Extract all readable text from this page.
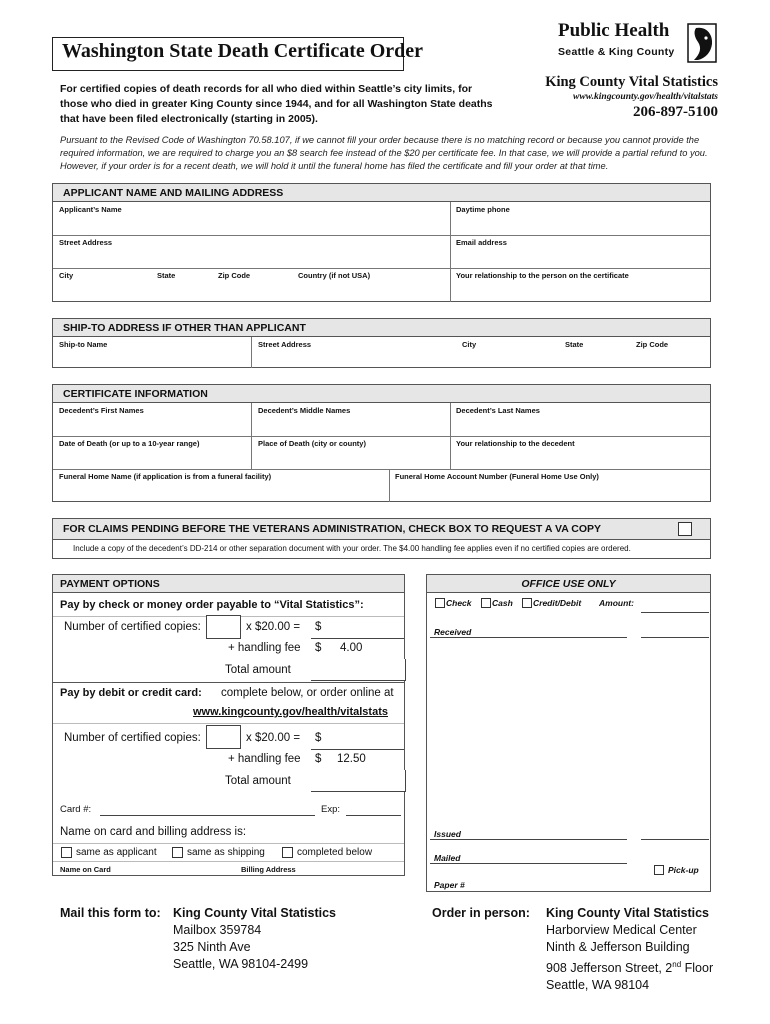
Washington State Death Certificate Order
For certified copies of death records for all who died within Seattle’s city limits, for
those who died in greater King County since 1944, and for all Washington State deaths
that have been filed electronically (starting in 2005).
Pursuant to the Revised Code of Washington 70.58.107, if we cannot fill your order because there is no matching record or because you cannot provide the
required information, we are required to charge you an $8 search fee instead of the $20 per certificate fee. In that case, we will provide a partial refund to you.
However, if your order is for a recent death, we will hold it until the funeral home has filed the certificate and fill your order at that time.
Public Health
Seattle & King County
King County Vital Statistics
www.kingcounty.gov/health/vitalstats
206-897-5100
APPLICANT NAME AND MAILING ADDRESS
Applicant’s Name	Daytime phone
Street Address	Email address
City	State	Zip Code	Country (if not USA)	Your relationship to the person on the certificate
SHIP-TO ADDRESS IF OTHER THAN APPLICANT
Ship-to Name	Street Address	City	State	Zip Code
CERTIFICATE INFORMATION
Decedent’s First Names	Decedent’s Middle Names	Decedent’s Last Names
Date of Death (or up to a 10-year range)	Place of Death (city or county)	Your relationship to the decedent
Funeral Home Name (if application is from a funeral facility)	Funeral Home Account Number (Funeral Home Use Only)
FOR CLAIMS PENDING BEFORE THE VETERANS ADMINISTRATION, CHECK BOX TO REQUEST A VA COPY
Include a copy of the decedent’s DD-214 or other separation document with your order. The $4.00 handling fee applies even if no certified copies are ordered.
PAYMENT OPTIONS
Pay by check or money order payable to “Vital Statistics”:
Number of certified copies:	x $20.00 = $
+ handling fee $ 4.00
Total amount
Pay by debit or credit card: complete below, or order online at
www.kingcounty.gov/health/vitalstats
Number of certified copies:	x $20.00 = $
+ handling fee $ 12.50
Total amount
Card #:	Exp:
Name on card and billing address is:
same as applicant	same as shipping	completed below
Name on Card	Billing Address
OFFICE USE ONLY
Check Cash Credit/Debit Amount:
Received
Issued
Mailed
Pick-up
Paper #
Mail this form to: King County Vital Statistics
Mailbox 359784
325 Ninth Ave
Seattle, WA 98104-2499
Order in person: King County Vital Statistics
Harborview Medical Center
Ninth & Jefferson Building
908 Jefferson Street, 2nd Floor
Seattle, WA 98104
